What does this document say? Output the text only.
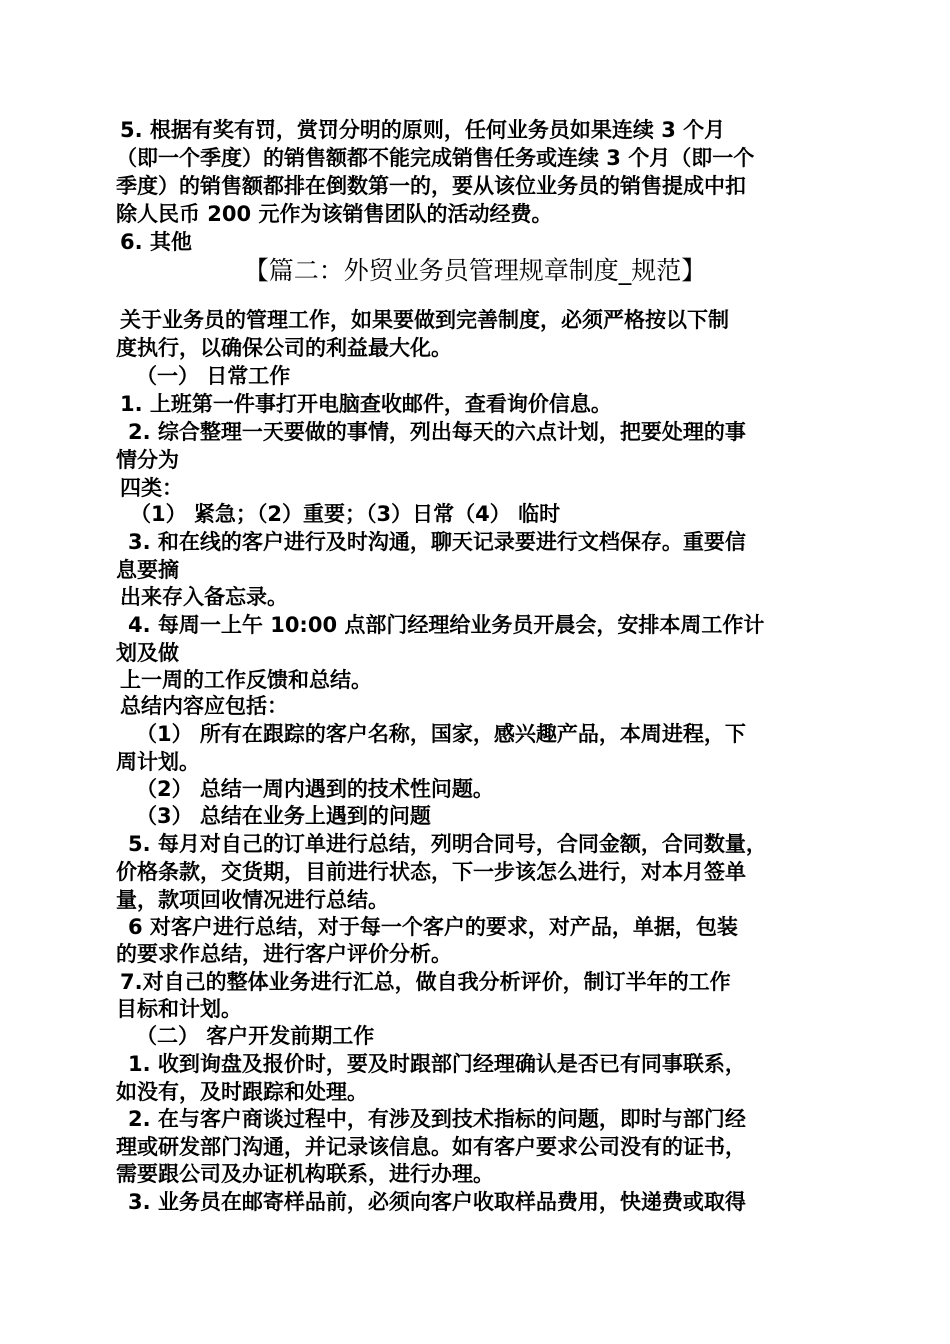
5. 根据有奖有罚，赏罚分明的原则，任何业务员如果连续 3 个月
（即一个季度）的销售额都不能完成销售任务或连续 3 个月（即一个
季度）的销售额都排在倒数第一的，要从该位业务员的销售提成中扣
除人民币 200 元作为该销售团队的活动经费。
6. 其他
【篇二：外贸业务员管理规章制度_规范】
关于业务员的管理工作，如果要做到完善制度，必须严格按以下制
度执行，以确保公司的利益最大化。
（一） 日常工作
1. 上班第一件事打开电脑查收邮件，查看询价信息。
2. 综合整理一天要做的事情，列出每天的六点计划，把要处理的事
情分为
四类：
（1） 紧急；（2）重要；（3）日常（4） 临时
3. 和在线的客户进行及时沟通，聊天记录要进行文档保存。重要信
息要摘
出来存入备忘录。
4. 每周一上午 10:00 点部门经理给业务员开晨会，安排本周工作计
划及做
上一周的工作反馈和总结。
总结内容应包括：
（1） 所有在跟踪的客户名称，国家，感兴趣产品，本周进程，下
周计划。
（2） 总结一周内遇到的技术性问题。
（3） 总结在业务上遇到的问题
5. 每月对自己的订单进行总结，列明合同号，合同金额，合同数量，
价格条款，交货期，目前进行状态，下一步该怎么进行，对本月签单
量，款项回收情况进行总结。
6 对客户进行总结，对于每一个客户的要求，对产品，单据，包装
的要求作总结，进行客户评价分析。
7.对自己的整体业务进行汇总，做自我分析评价，制订半年的工作
目标和计划。
（二） 客户开发前期工作
1. 收到询盘及报价时，要及时跟部门经理确认是否已有同事联系，
如没有，及时跟踪和处理。
2. 在与客户商谈过程中，有涉及到技术指标的问题，即时与部门经
理或研发部门沟通，并记录该信息。如有客户要求公司没有的证书，
需要跟公司及办证机构联系，进行办理。
3. 业务员在邮寄样品前，必须向客户收取样品费用，快递费或取得
